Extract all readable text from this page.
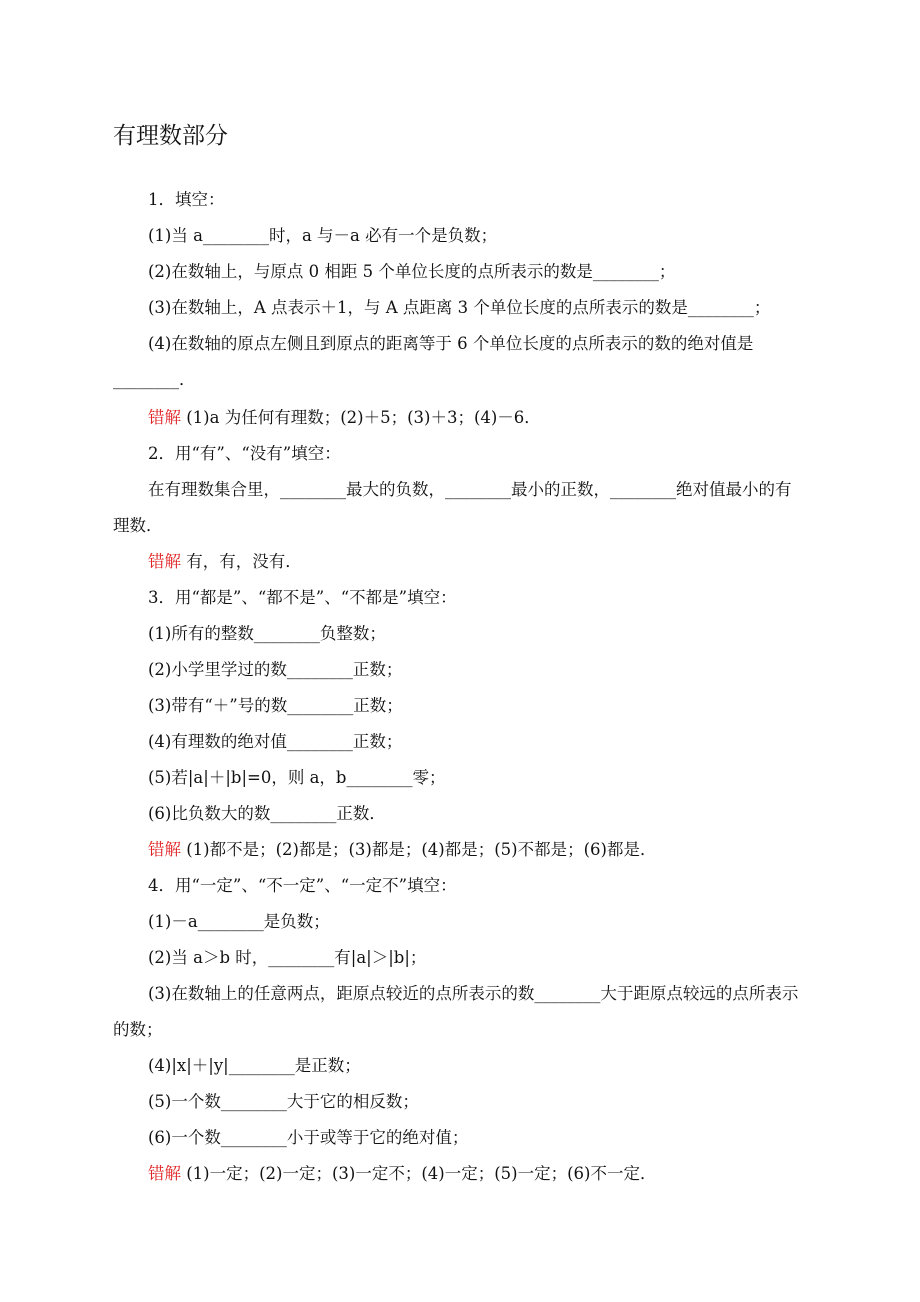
有理数部分
1．填空：
(1)当 a________时，a 与－a 必有一个是负数；
(2)在数轴上，与原点 0 相距 5 个单位长度的点所表示的数是________；
(3)在数轴上，A 点表示＋1，与 A 点距离 3 个单位长度的点所表示的数是________；
(4)在数轴的原点左侧且到原点的距离等于 6 个单位长度的点所表示的数的绝对值是
________．
错解 (1)a 为任何有理数；(2)＋5；(3)＋3；(4)－6．
2．用“有”、“没有”填空：
在有理数集合里，________最大的负数，________最小的正数，________绝对值最小的有
理数．
错解 有，有，没有．
3．用“都是”、“都不是”、“不都是”填空：
(1)所有的整数________负整数；
(2)小学里学过的数________正数；
(3)带有“＋”号的数________正数；
(4)有理数的绝对值________正数；
(5)若|a|＋|b|=0，则 a，b________零；
(6)比负数大的数________正数．
错解 (1)都不是；(2)都是；(3)都是；(4)都是；(5)不都是；(6)都是．
4．用“一定”、“不一定”、“一定不”填空：
(1)－a________是负数；
(2)当 a＞b 时，________有|a|＞|b|；
(3)在数轴上的任意两点，距原点较近的点所表示的数________大于距原点较远的点所表示
的数；
(4)|x|＋|y|________是正数；
(5)一个数________大于它的相反数；
(6)一个数________小于或等于它的绝对值；
错解 (1)一定；(2)一定；(3)一定不；(4)一定；(5)一定；(6)不一定．
